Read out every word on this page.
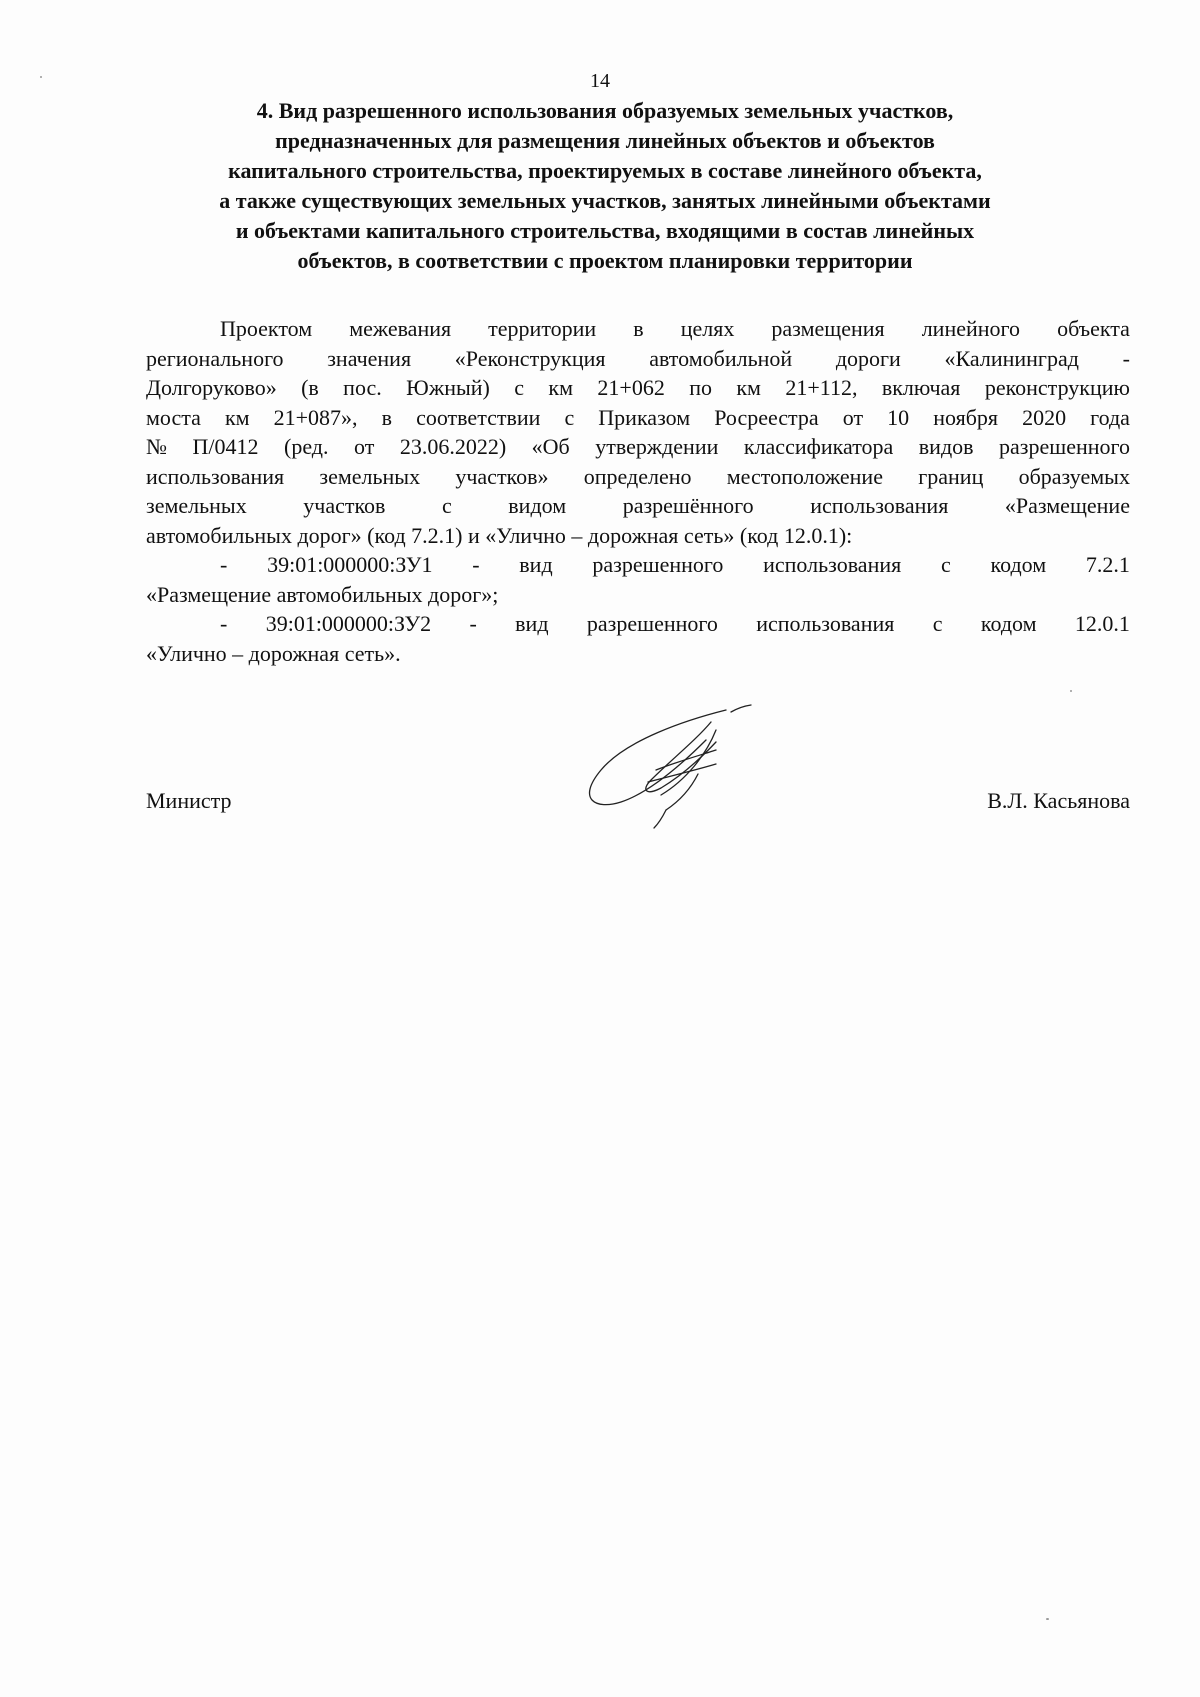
14
4. Вид разрешенного использования образуемых земельных участков,
предназначенных для размещения линейных объектов и объектов
капитального строительства, проектируемых в составе линейного объекта,
а также существующих земельных участков, занятых линейными объектами
и объектами капитального строительства, входящими в состав линейных
объектов, в соответствии с проектом планировки территории
Проектом межевания территории в целях размещения линейного объекта
регионального значения «Реконструкция автомобильной дороги «Калининград -
Долгоруково» (в пос. Южный) с км 21+062 по км 21+112, включая реконструкцию
моста км 21+087», в соответствии с Приказом Росреестра от 10 ноября 2020 года
№ П/0412 (ред. от 23.06.2022) «Об утверждении классификатора видов разрешенного
использования земельных участков» определено местоположение границ образуемых
земельных	участков	с	видом	разрешённого	использования	«Размещение
автомобильных дорог» (код 7.2.1) и «Улично – дорожная сеть» (код 12.0.1):
- 39:01:000000:ЗУ1 - вид разрешенного использования с кодом 7.2.1
«Размещение автомобильных дорог»;
- 39:01:000000:ЗУ2 - вид разрешенного использования с кодом 12.0.1
«Улично – дорожная сеть».
Министр	В.Л. Касьянова
